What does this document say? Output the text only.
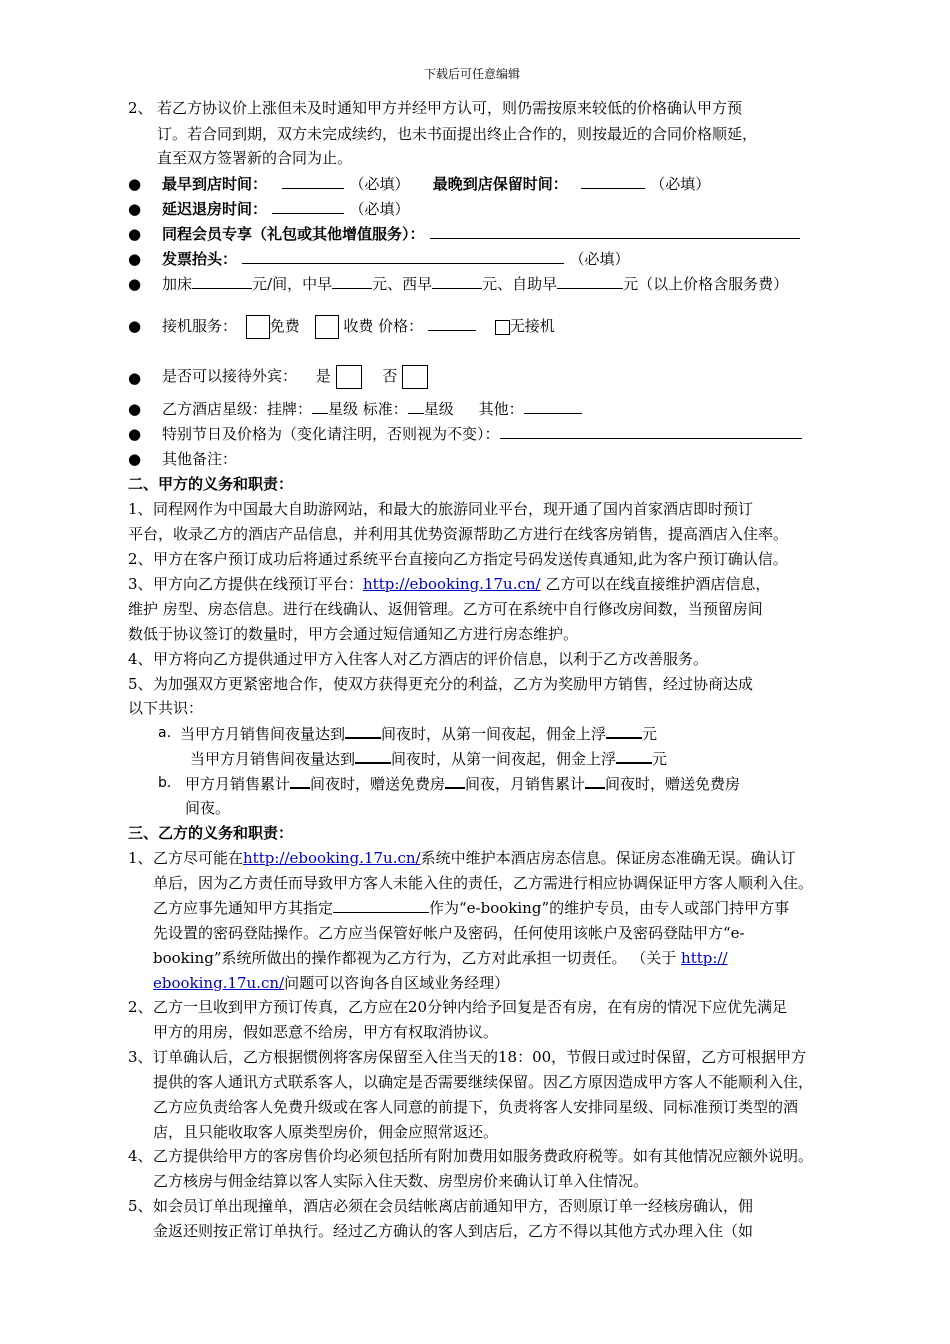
下载后可任意编辑
2、 若乙方协议价上涨但未及时通知甲方并经甲方认可，则仍需按原来较低的价格确认甲方预
订。若合同到期，双方未完成续约，也未书面提出终止合作的，则按最近的合同价格顺延，
直至双方签署新的合同为止。
● 最早到店时间：	（必填） 最晚到店保留时间：	（必填）
● 延迟退房时间：	（必填）
● 同程会员专享（礼包或其他增值服务）：
● 发票抬头：	（必填）
● 加床	元/间，中早	元、西早	元、自助早	元（以上价格含服务费）
● 接机服务： 免费	收费 价格：	无接机
● 是否可以接待外宾： 是	否
● 乙方酒店星级：挂牌： 星级 标准： 星级 其他：
● 特别节日及价格为（变化请注明，否则视为不变）：
● 其他备注：
二、甲方的义务和职责：
1、 同程网作为中国最大自助游网站，和最大的旅游同业平台，现开通了国内首家酒店即时预订
平台，收录乙方的酒店产品信息，并利用其优势资源帮助乙方进行在线客房销售，提高酒店入住率。
2、 甲方在客户预订成功后将通过系统平台直接向乙方指定号码发送传真通知,此为客户预订确认信。
3、 甲方向乙方提供在线预订平台：http://ebooking.17u.cn/ 乙方可以在线直接维护酒店信息，
维护 房型、房态信息。进行在线确认、返佣管理。乙方可在系统中自行修改房间数，当预留房间
数低于协议签订的数量时，甲方会通过短信通知乙方进行房态维护。
4、 甲方将向乙方提供通过甲方入住客人对乙方酒店的评价信息，以利于乙方改善服务。
5、 为加强双方更紧密地合作，使双方获得更充分的利益，乙方为奖励甲方销售，经过协商达成
以下共识：
a. 当甲方月销售间夜量达到 间夜时，从第一间夜起，佣金上浮 元
当甲方月销售间夜量达到 间夜时，从第一间夜起，佣金上浮 元
b. 甲方月销售累计 间夜时，赠送免费房 间夜，月销售累计 间夜时，赠送免费房
间夜。
三、乙方的义务和职责：
1、 乙方尽可能在http://ebooking.17u.cn/系统中维护本酒店房态信息。保证房态准确无误。确认订
单后，因为乙方责任而导致甲方客人未能入住的责任，乙方需进行相应协调保证甲方客人顺利入住。
乙方应事先通知甲方其指定	作为“e-booking”的维护专员，由专人或部门持甲方事
先设置的密码登陆操作。乙方应当保管好帐户及密码，任何使用该帐户及密码登陆甲方“e-
booking”系统所做出的操作都视为乙方行为，乙方对此承担一切责任。 （关于 http://
ebooking.17u.cn/问题可以咨询各自区域业务经理）
2、 乙方一旦收到甲方预订传真，乙方应在20分钟内给予回复是否有房，在有房的情况下应优先满足
甲方的用房，假如恶意不给房，甲方有权取消协议。
3、 订单确认后，乙方根据惯例将客房保留至入住当天的18：00，节假日或过时保留，乙方可根据甲方
提供的客人通讯方式联系客人，以确定是否需要继续保留。因乙方原因造成甲方客人不能顺利入住，
乙方应负责给客人免费升级或在客人同意的前提下，负责将客人安排同星级、同标准预订类型的酒
店，且只能收取客人原类型房价，佣金应照常返还。
4、 乙方提供给甲方的客房售价均必须包括所有附加费用如服务费政府税等。如有其他情况应额外说明。
乙方核房与佣金结算以客人实际入住天数、房型房价来确认订单入住情况。
5、 如会员订单出现撞单，酒店必须在会员结帐离店前通知甲方，否则原订单一经核房确认，佣
金返还则按正常订单执行。经过乙方确认的客人到店后，乙方不得以其他方式办理入住（如
